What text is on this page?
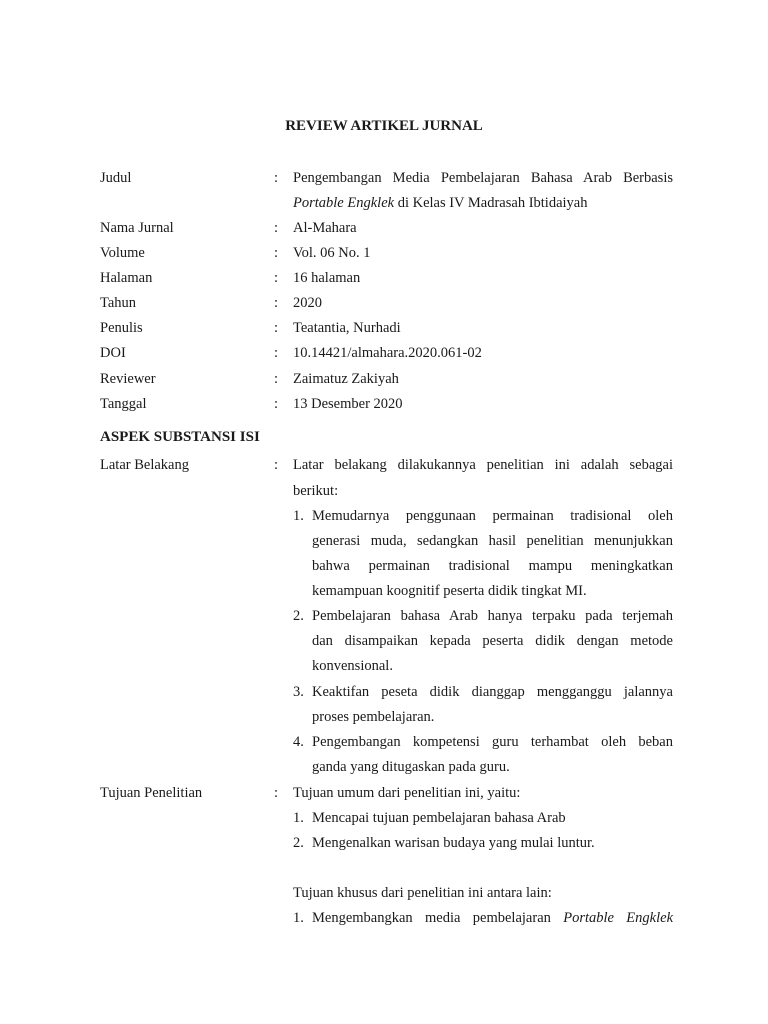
REVIEW ARTIKEL JURNAL
Judul	: Pengembangan Media Pembelajaran Bahasa Arab Berbasis
Portable Engklek di Kelas IV Madrasah Ibtidaiyah
Nama Jurnal	: Al-Mahara
Volume	: Vol. 06 No. 1
Halaman	: 16 halaman
Tahun	: 2020
Penulis	: Teatantia, Nurhadi
DOI	: 10.14421/almahara.2020.061-02
Reviewer	: Zaimatuz Zakiyah
Tanggal	: 13 Desember 2020
ASPEK SUBSTANSI ISI
Latar Belakang	: Latar belakang dilakukannya penelitian ini adalah sebagai
berikut:
1. Memudarnya penggunaan permainan tradisional oleh
generasi muda, sedangkan hasil penelitian menunjukkan
bahwa permainan tradisional mampu meningkatkan
kemampuan koognitif peserta didik tingkat MI.
2. Pembelajaran bahasa Arab hanya terpaku pada terjemah
dan disampaikan kepada peserta didik dengan metode
konvensional.
3. Keaktifan peseta didik dianggap mengganggu jalannya
proses pembelajaran.
4. Pengembangan kompetensi guru terhambat oleh beban
ganda yang ditugaskan pada guru.
Tujuan Penelitian	: Tujuan umum dari penelitian ini, yaitu:
1. Mencapai tujuan pembelajaran bahasa Arab
2. Mengenalkan warisan budaya yang mulai luntur.
Tujuan khusus dari penelitian ini antara lain:
1. Mengembangkan media pembelajaran Portable Engklek
